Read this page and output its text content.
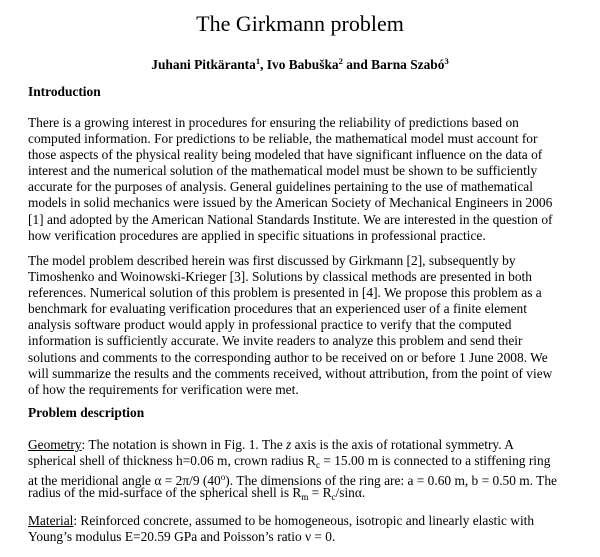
The Girkmann problem
Juhani Pitkäranta$^1$, Ivo Babuška$^2$ and Barna Szabó$^3$
Introduction
There is a growing interest in procedures for ensuring the reliability of predictions based on
computed information. For predictions to be reliable, the mathematical model must account for
those aspects of the physical reality being modeled that have significant influence on the data of
interest and the numerical solution of the mathematical model must be shown to be sufficiently
accurate for the purposes of analysis. General guidelines pertaining to the use of mathematical
models in solid mechanics were issued by the American Society of Mechanical Engineers in 2006
[1] and adopted by the American National Standards Institute. We are interested in the question of
how verification procedures are applied in specific situations in professional practice.
The model problem described herein was first discussed by Girkmann [2], subsequently by
Timoshenko and Woinowski-Krieger [3]. Solutions by classical methods are presented in both
references. Numerical solution of this problem is presented in [4]. We propose this problem as a
benchmark for evaluating verification procedures that an experienced user of a finite element
analysis software product would apply in professional practice to verify that the computed
information is sufficiently accurate. We invite readers to analyze this problem and send their
solutions and comments to the corresponding author to be received on or before 1 June 2008. We
will summarize the results and the comments received, without attribution, from the point of view
of how the requirements for verification were met.
Problem description
Geometry: The notation is shown in Fig. 1. The z axis is the axis of rotational symmetry. A
spherical shell of thickness h=0.06 m, crown radius $R_c = 15.00$ m is connected to a stiffening ring
at the meridional angle α = 2π/9 (40$^o$). The dimensions of the ring are: a = 0.60 m, b = 0.50 m. The
radius of the mid-surface of the spherical shell is $R_m = R_c/\sin\alpha$.
Material: Reinforced concrete, assumed to be homogeneous, isotropic and linearly elastic with
Young’s modulus E=20.59 GPa and Poisson’s ratio ν = 0.
